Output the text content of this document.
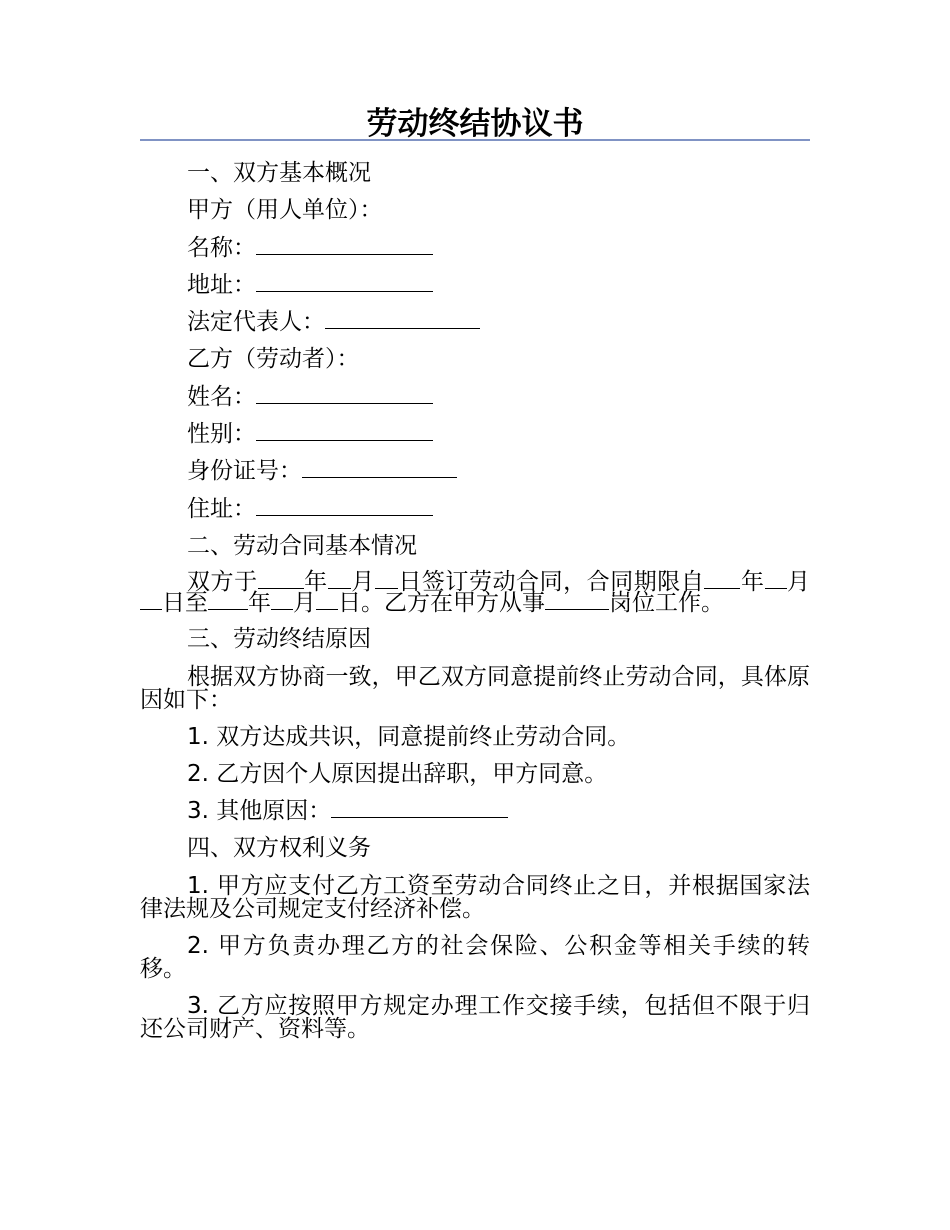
劳动终结协议书
一、双方基本概况
甲方（用人单位）：
名称：
地址：
法定代表人：
乙方（劳动者）：
姓名：
性别：
身份证号：
住址：
二、劳动合同基本情况

双方于 年 月 日签订劳动合同，合同期限自 年 月日至 年 月 日。乙方在甲方从事	岗位工作。

三、劳动终结原因

根据双方协商一致，甲乙双方同意提前终止劳动合同，具体原因如下：

1. 双方达成共识，同意提前终止劳动合同。
2. 乙方因个人原因提出辞职，甲方同意。
3. 其他原因：
四、双方权利义务

1. 甲方应支付乙方工资至劳动合同终止之日，并根据国家法律法规及公司规定支付经济补偿。

2. 甲方负责办理乙方的社会保险、公积金等相关手续的转移。

3. 乙方应按照甲方规定办理工作交接手续，包括但不限于归还公司财产、资料等。
